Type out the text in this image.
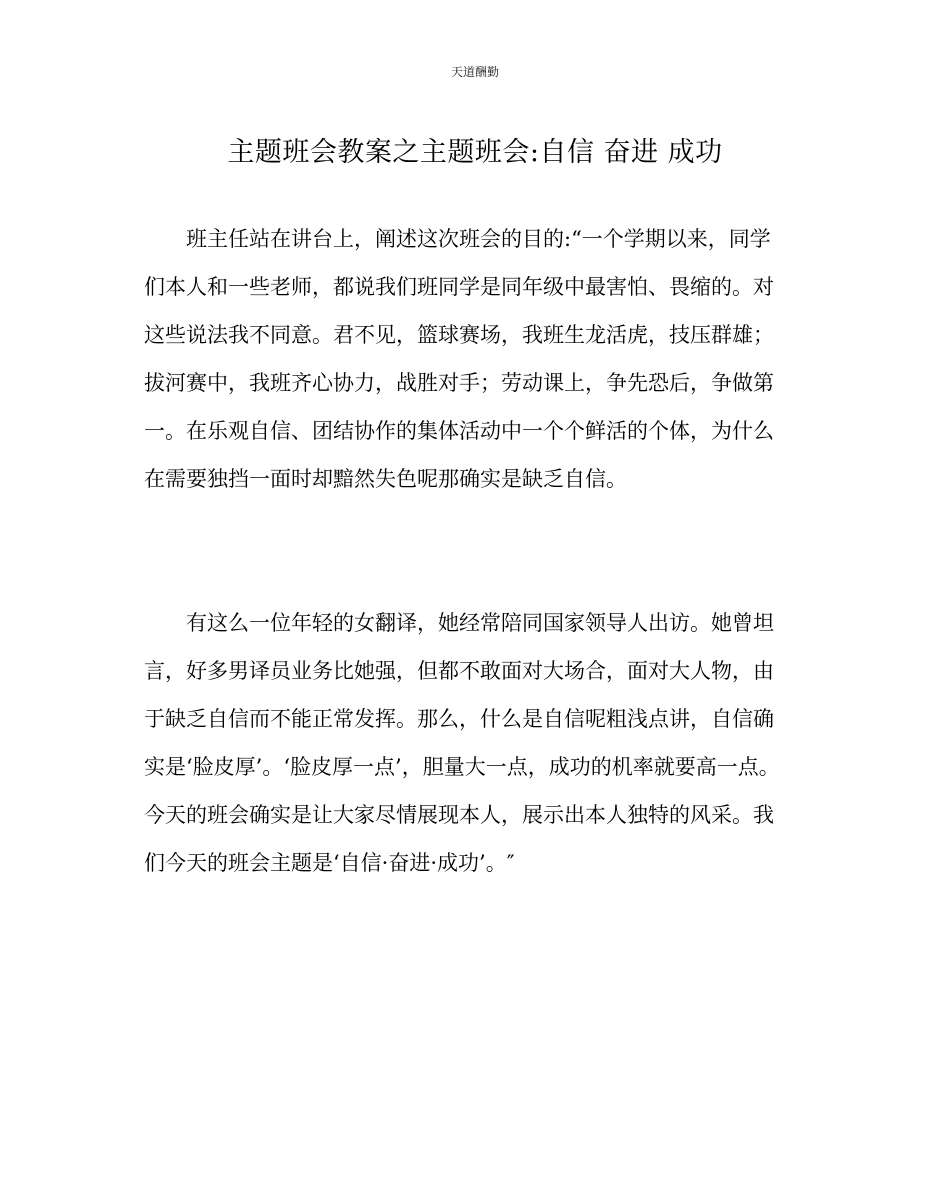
天道酬勤
主题班会教案之主题班会:自信 奋进 成功

班主任站在讲台上，阐述这次班会的目的:“一个学期以来，同学
们本人和一些老师，都说我们班同学是同年级中最害怕、畏缩的。对
这些说法我不同意。君不见，篮球赛场，我班生龙活虎，技压群雄；
拔河赛中，我班齐心协力，战胜对手；劳动课上，争先恐后，争做第
一。在乐观自信、团结协作的集体活动中一个个鲜活的个体，为什么
在需要独挡一面时却黯然失色呢那确实是缺乏自信。

有这么一位年轻的女翻译，她经常陪同国家领导人出访。她曾坦
言，好多男译员业务比她强，但都不敢面对大场合，面对大人物，由
于缺乏自信而不能正常发挥。那么，什么是自信呢粗浅点讲，自信确
实是‘脸皮厚’。‘脸皮厚一点’，胆量大一点，成功的机率就要高一点。
今天的班会确实是让大家尽情展现本人，展示出本人独特的风采。我
们今天的班会主题是‘自信·奋进·成功’。″
